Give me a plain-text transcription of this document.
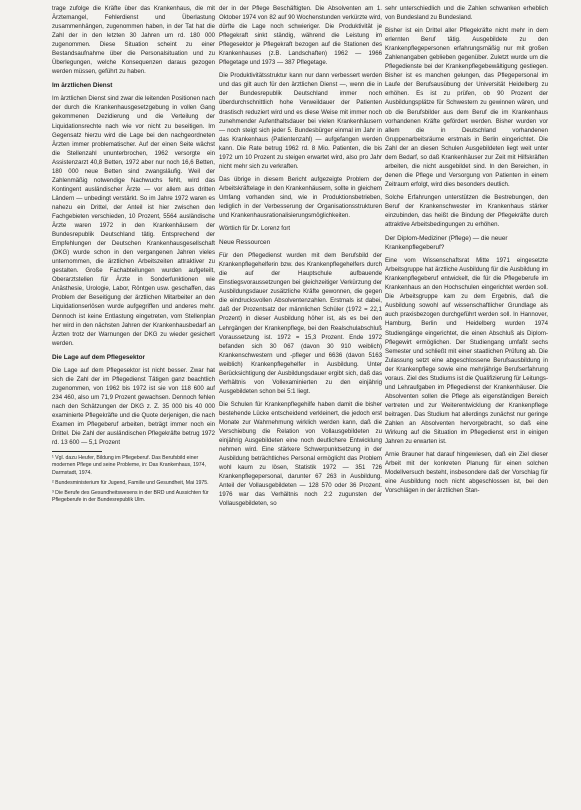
trage zufolge die Kräfte über das Krankenhaus, die mit Ärztemangel, Fehlerdienst und Überlastung zusammenhängen, zugenommen haben, in der Tat hat die Zahl der in den letzten 30 Jahren um rd. 180 000 zugenommen. Diese Situation scheint zu einer Bestandsaufnahme über die Personalsituation und zu Überlegungen, welche Konsequenzen daraus gezogen werden müssen, geführt zu haben.

Im ärztlichen Dienst

Im ärztlichen Dienst sind zwar die leitenden Positionen nach der durch die Krankenhausgesetzgebung in vollen Gang gekommenen Dezidierung und die Verteilung der Liquidationsrechte nach wie vor nicht zu beseitigen. Im Gegensatz hierzu wird die Lage bei den nachgeordneten Ärzten immer problematischer. Auf der einen Seite wächst die Stellenzahl ununterbrochen, 1962 versorgte ein Assistenzarzt 40,8 Betten, 1972 aber nur noch 16,6 Betten, 180 000 neue Betten sind zwangsläufig. Weil der Zahlenmäßig notwendige Nachwuchs fehlt, wird das Kontingent ausländischer Ärzte — vor allem aus dritten Ländern — unbedingt verstärkt. So im Jahre 1972 waren es nahezu ein Drittel, der Anteil ist hier zwischen den Fachgebieten verschieden, 10 Prozent, 5564 ausländische Ärzte waren 1972 in den Krankenhäusern der Bundesrepublik Deutschland tätig. Entsprechend der Empfehlungen der Deutschen Krankenhausgesellschaft (DKG) wurde schon in den vergangenen Jahren vieles unternommen, die ärztlichen Arbeitszeiten attraktiver zu gestalten. Große Fachabteilungen wurden aufgeteilt, Oberarztstellen für Ärzte in Sonderfunktionen wie Anästhesie, Urologie, Labor, Röntgen usw. geschaffen, das Problem der Beseitigung der ärztlichen Mitarbeiter an den Liquidationserlösen wurde aufgegriffen und anderes mehr. Dennoch ist keine Entlastung eingetreten, vom Stellenplan her wird in den nächsten Jahren der Krankenhausbedarf an Ärzten trotz der Warnungen der DKG zu wieder gesichert werden.

Die Lage auf dem Pflegesektor

Die Lage auf dem Pflegesektor ist nicht besser. Zwar hat sich die Zahl der im Pflegedienst Tätigen ganz beachtlich zugenommen, von 1962 bis 1972 ist sie von 118 600 auf 234 460, also um 71,9 Prozent gewachsen. Dennoch fehlen nach den Schätzungen der DKG z. Z. 35 000 bis 40 000 examinierte Pflegekräfte und die Quote derjenigen, die nach Examen im Pflegeberuf arbeiten, beträgt immer noch ein Drittel. Die Zahl der ausländischen Pflegekräfte betrug 1972 rd. 13 600 — 5,1 Prozent

¹ Vgl. dazu Heufer, Bildung im Pflegeberuf. Das Berufsbild einer modernen Pflege und seine Probleme, in: Das Krankenhaus, 1974, Darmstadt, 1974.

² Bundesministerium für Jugend, Familie und Gesundheit, Mai 1975.

³ Die Berufe des Gesundheitswesens in der BRD und Aussichten für Pflegeberufe in der Bundesrepublik Ulm.

der in der Pflege Beschäftigten. Die Absolventen am 1. Oktober 1974 von 82 auf 90 Wochenstunden verkürzte wird, dürfte die Lage noch schwieriger. Die Produktivität je Pflegekraft sinkt ständig, während die Leistung im Pflegesektor je Pflegekraft bezogen auf die Stationen des Krankenhauses (z.B. Landschaften) 1962 — 1966 Pflegetage und 1973 — 387 Pflegetage.

Die Produktivitätsstruktur kann nur dann verbessert werden und das gilt auch für den ärztlichen Dienst —, wenn die in der Bundesrepublik Deutschland immer noch überdurchschnittlich hohe Verweildauer der Patienten drastisch reduziert wird und es diese Weise mit immer noch zunehmender Aufenthaltsdauer bei vielen Krankenhäusern — noch steigt sich jeder 5. Bundesbürger einmal im Jahr in das Krankenhaus (Patientenzahl) — aufgefangen werden kann. Die Rate betrug 1962 rd. 8 Mio. Patienten, die bis 1972 um 10 Prozent zu steigen erwartet wird, also pro Jahr nicht mehr sich zu verkraften.

Das übrige in diesem Bericht aufgezeigte Problem der Arbeitskräftelage in den Krankenhäusern, sollte in gleichem Umfang vorhanden sind, wie in Produktionsbetrieben, lediglich in der Verbesserung der Organisationsstrukturen und Krankenhausrationalisierungsmöglichkeiten.

Wörtlich für Dr. Lorenz fort

Neue Ressourcen

Für den Pflegedienst wurden mit dem Berufsbild der Krankenpflegehelferin bzw. des Krankenpflegehelfers durch die auf der Hauptschule aufbauende Einstiegsvoraussetzungen bei gleichzeitiger Verkürzung der Ausbildungsdauer zusätzliche Kräfte gewonnen, die gegen die eindrucksvollen Absolventenzahlen. Erstmals ist dabei, daß der Prozentsatz der männlichen Schüler (1972 = 22,1 Prozent) in dieser Ausbildung höher ist, als es bei den Lehrgängen der Krankenpflege, bei den Realschulabschluß Voraussetzung ist. 1972 = 15,3 Prozent. Ende 1972 befanden sich 30 067 (davon 30 910 weiblich) Krankenschwestern und -pfleger und 6636 (davon 5163 weiblich) Krankenpflegehelfer in Ausbildung. Unter Berücksichtigung der Ausbildungsdauer ergibt sich, daß das Verhältnis von Vollexaminierten zu den einjährig Ausgebildeten schon bei 5:1 liegt.

Die Schulen für Krankenpflegehilfe haben damit die bisher bestehende Lücke entscheidend verkleinert, die jedoch erst Monate zur Wahrnehmung wirklich werden kann, daß die Verschiebung die Relation von Vollausgebildeten zu einjährig Ausgebildeten eine noch deutlichere Entwicklung nehmen wird. Eine stärkere Schwerpunktsetzung in der Ausbildung beträchtliches Personal ermöglicht das Problem wohl kaum zu lösen, Statistik 1972 — 351 726 Krankenpflegepersonal, darunter 67 263 in Ausbildung. Anteil der Vollausgebildeten — 128 570 oder 36 Prozent. 1976 war das Verhältnis noch 2:2 zugunsten der Vollausgebildeten, so

sehr unterschiedlich und die Zahlen schwanken erheblich von Bundesland zu Bundesland.

Bisher ist ein Drittel aller Pflegekräfte nicht mehr in dem erlernten Beruf tätig. Ausgebildete zu den Krankenpflegepersonen erfahrungsmäßig nur mit großen Zahlenangaben geblieben gegenüber. Zuletzt wurde um die Pflegedienste bei der Krankenpflegebewältigung gestiegen. Bisher ist es manchen gelungen, das Pflegepersonal im Laufe der Berufsausübung der Universität Heidelberg zu erhöhen. Es ist zu prüfen, ob 90 Prozent der Ausbildungsplätze für Schwestern zu gewinnen wären, und ob die Berufsbilder aus dem Beruf die im Krankenhaus vorhandenen Kräfte gefördert werden. Bisher wurden vor allem die in Deutschland vorhandenen Gruppenarbeitsräume erstmals in Berlin eingerichtet. Die Zahl der an diesen Schulen Ausgebildeten liegt weit unter dem Bedarf, so daß Krankenhäuser zur Zeit mit Hilfskräften arbeiten, die nicht ausgebildet sind. In den Bereichen, in denen die Pflege und Versorgung von Patienten in einem Zeitraum erfolgt, wird dies besonders deutlich.

Solche Erfahrungen unterstützen die Bestrebungen, den Beruf der Krankenschwester im Krankenhaus stärker einzubinden, das heißt die Bindung der Pflegekräfte durch attraktive Arbeitsbedingungen zu erhöhen.

Der Diplom-Mediziner (Pflege) — die neuer Krankenpflegeberuf?

Eine vom Wissenschaftsrat Mitte 1971 eingesetzte Arbeitsgruppe hat ärztliche Ausbildung für die Ausbildung im Krankenpflegeberuf entwickelt, die für die Pflegeberufe im Krankenhaus an den Hochschulen eingerichtet werden soll. Die Arbeitsgruppe kam zu dem Ergebnis, daß die Ausbildung sowohl auf wissenschaftlicher Grundlage als auch praxisbezogen durchgeführt werden soll. In Hannover, Hamburg, Berlin und Heidelberg wurden 1974 Studiengänge eingerichtet, die einen Abschluß als Diplom-Pflegewirt ermöglichen. Der Studiengang umfaßt sechs Semester und schließt mit einer staatlichen Prüfung ab. Die Zulassung setzt eine abgeschlossene Berufsausbildung in der Krankenpflege sowie eine mehrjährige Berufserfahrung voraus. Ziel des Studiums ist die Qualifizierung für Leitungs- und Lehraufgaben im Pflegedienst der Krankenhäuser. Die Absolventen sollen die Pflege als eigenständigen Bereich vertreten und zur Weiterentwicklung der Krankenpflege beitragen. Das Studium hat allerdings zunächst nur geringe Zahlen an Absolventen hervorgebracht, so daß eine Wirkung auf die Situation im Pflegedienst erst in einigen Jahren zu erwarten ist.

Arnie Brauner hat darauf hingewiesen, daß ein Ziel dieser Arbeit mit der konkreten Planung für einen solchen Modellversuch besteht, insbesondere daß der Vorschlag für eine Ausbildung noch nicht abgeschlossen ist, bei den Vorschlägen in der ärztlichen Stan-
